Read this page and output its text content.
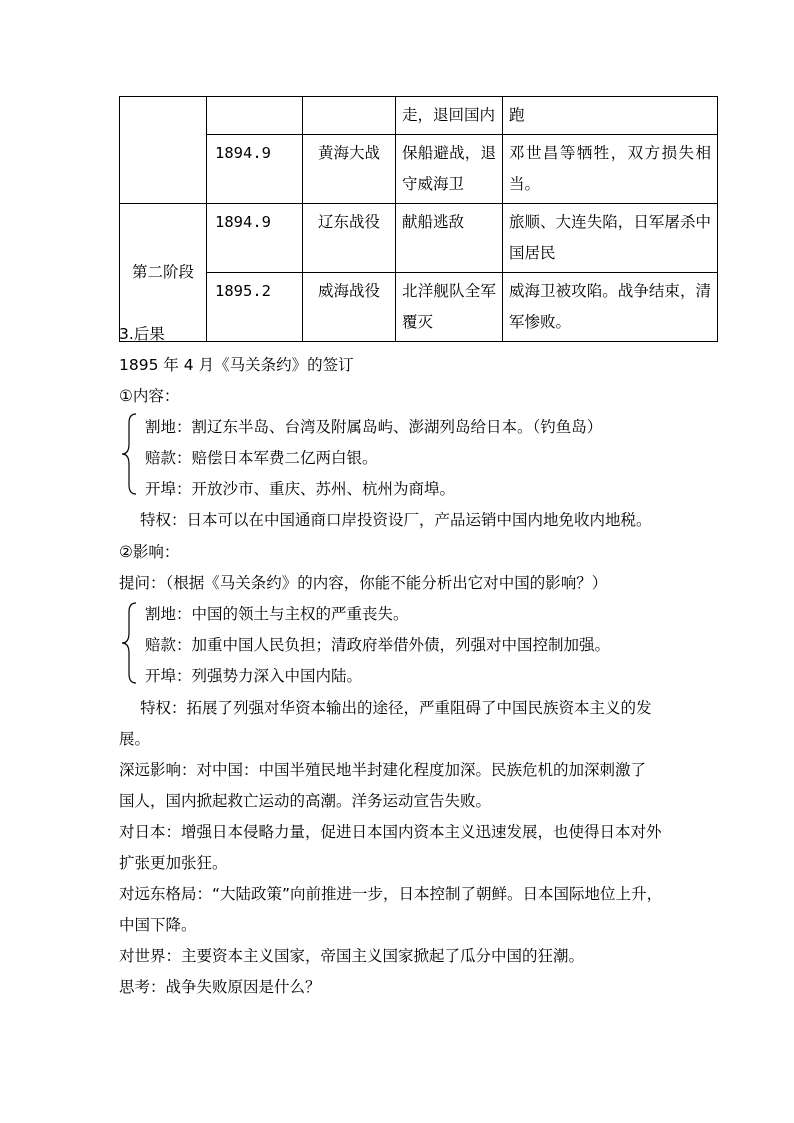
			走，退回国内	跑
	1894.9	黄海大战	保船避战，退守威海卫	邓世昌等牺牲，双方损失相当。
第二阶段	1894.9	辽东战役	献船逃敌	旅顺、大连失陷，日军屠杀中国居民
	1895.2	威海战役	北洋舰队全军覆灭	威海卫被攻陷。战争结束，清军惨败。
3.后果
1895 年 4 月《马关条约》的签订
①内容：
割地：割辽东半岛、台湾及附属岛屿、澎湖列岛给日本。（钓鱼岛）
赔款：赔偿日本军费二亿两白银。
开埠：开放沙市、重庆、苏州、杭州为商埠。
特权：日本可以在中国通商口岸投资设厂，产品运销中国内地免收内地税。
②影响：
提问：（根据《马关条约》的内容，你能不能分析出它对中国的影响？）
割地：中国的领土与主权的严重丧失。
赔款：加重中国人民负担；清政府举借外债，列强对中国控制加强。
开埠：列强势力深入中国内陆。
特权：拓展了列强对华资本输出的途径，严重阻碍了中国民族资本主义的发
展。
深远影响：对中国：中国半殖民地半封建化程度加深。民族危机的加深刺激了
国人，国内掀起救亡运动的高潮。洋务运动宣告失败。
对日本：增强日本侵略力量，促进日本国内资本主义迅速发展，也使得日本对外
扩张更加张狂。
对远东格局：“大陆政策”向前推进一步，日本控制了朝鲜。日本国际地位上升，
中国下降。
对世界：主要资本主义国家，帝国主义国家掀起了瓜分中国的狂潮。
思考：战争失败原因是什么？
